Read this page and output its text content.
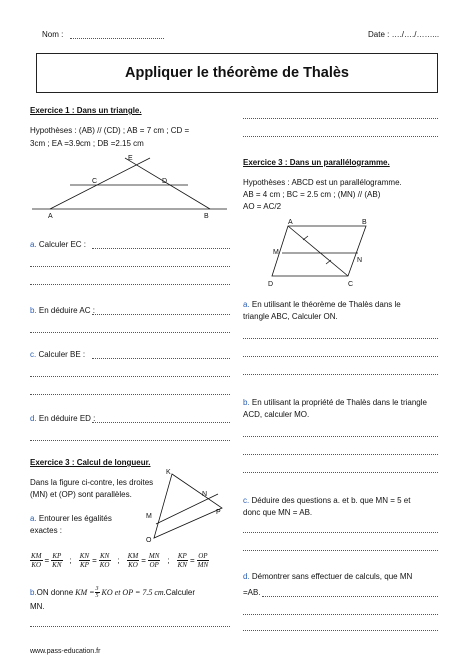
Nom :	Date : …./…./……...
Appliquer le théorème de Thalès
Exercice 1 : Dans un triangle.
Hypothèses : (AB) // (CD) ; AB = 7 cm ; CD =
3cm ; EA =3.9cm ; DB =2.15 cm
E
C	D
A	B
a. Calculer EC :
b. En déduire AC :
c. Calculer BE :
d. En déduire ED :
Exercice 3 : Calcul de longueur.
Dans la figure ci-contre, les droites
(MN) et (OP) sont parallèles.
a. Entourer les égalités
exactes :
K
N
M
P
O
$\frac{KM}{KO} = \frac{KP}{KN}$ ; $\frac{KN}{KP} = \frac{KN}{KO}$ ; $\frac{KM}{KO} = \frac{MN}{OP}$ ; $\frac{KP}{KN} = \frac{OP}{MN}$
b. ON donne KM = $\frac{3}{5}$ KO et OP = 7.5 cm. Calculer
MN.
Exercice 3 : Dans un parallélogramme.
Hypothèses : ABCD est un parallélogramme.
AB = 4 cm ; BC = 2.5 cm ; (MN) // (AB)
AO = AC/2
A	B
M
N
D	C
a. En utilisant le théorème de Thalès dans le
triangle ABC, Calculer ON.
b. En utilisant la propriété de Thalès dans le triangle
ACD, calculer MO.
c. Déduire des questions a. et b. que MN = 5 et
donc que MN = AB.
d. Démontrer sans effectuer de calculs, que MN
=AB.
www.pass-education.fr
